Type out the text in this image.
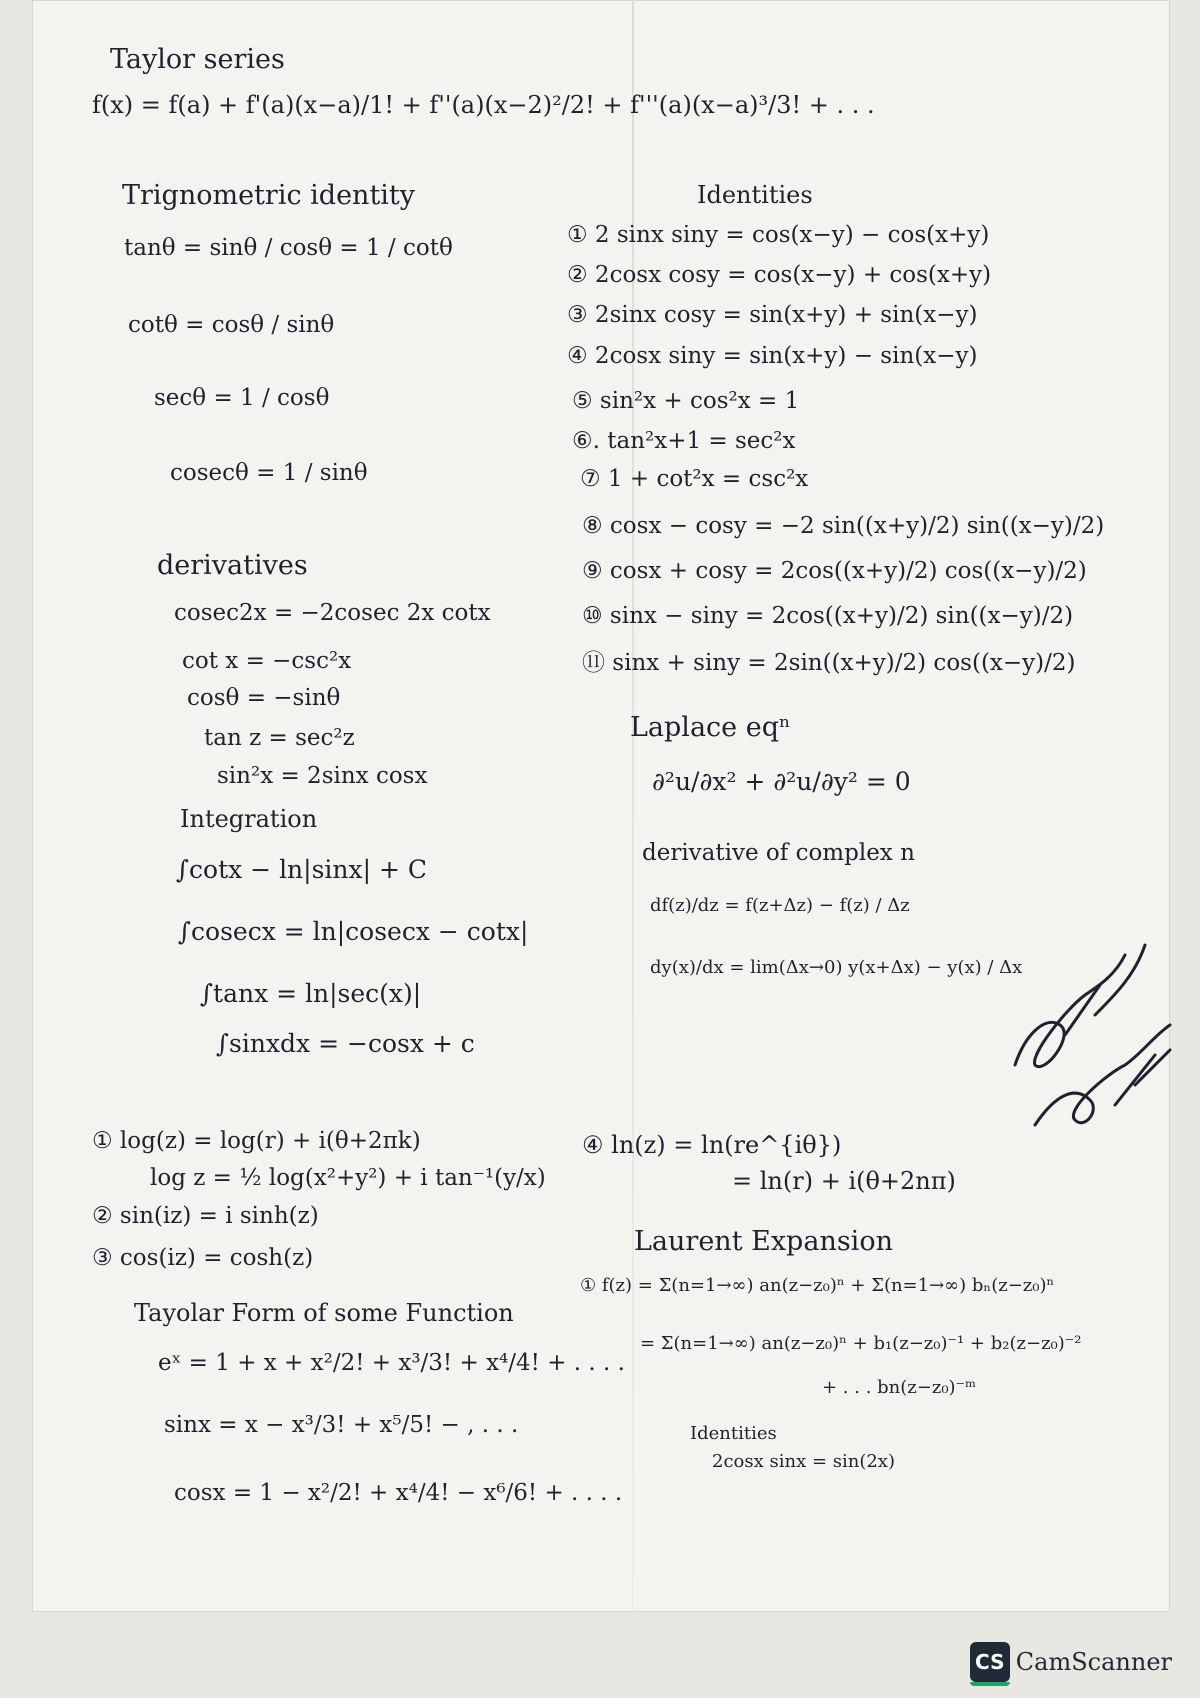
Taylor series
f(x) = f(a) + f'(a)(x−a)/1! + f''(a)(x−2)²/2! + f'''(a)(x−a)³/3! + . . .
Trignometric identity
tanθ = sinθ / cosθ = 1 / cotθ
cotθ = cosθ / sinθ
secθ = 1 / cosθ
cosecθ = 1 / sinθ
Identities
① 2 sinx siny = cos(x−y) − cos(x+y)
② 2cosx cosy = cos(x−y) + cos(x+y)
③ 2sinx cosy = sin(x+y) + sin(x−y)
④ 2cosx siny = sin(x+y) − sin(x−y)
⑤ sin²x + cos²x = 1
⑥. tan²x+1 = sec²x
⑦ 1 + cot²x = csc²x
⑧ cosx − cosy = −2 sin((x+y)/2) sin((x−y)/2)
⑨ cosx + cosy = 2cos((x+y)/2) cos((x−y)/2)
⑩ sinx − siny = 2cos((x+y)/2) sin((x−y)/2)
⑪ sinx + siny = 2sin((x+y)/2) cos((x−y)/2)
derivatives
cosec2x = −2cosec 2x cotx
cot x = −csc²x
cosθ = −sinθ
tan z = sec²z
sin²x = 2sinx cosx
Laplace eqⁿ
∂²u/∂x² + ∂²u/∂y² = 0
Integration
∫cotx − ln|sinx| + C
∫cosecx = ln|cosecx − cotx|
∫tanx = ln|sec(x)|
∫sinxdx = −cosx + c
derivative of complex n
df(z)/dz = f(z+Δz) − f(z) / Δz
dy(x)/dx = lim(Δx→0) y(x+Δx) − y(x) / Δx
① log(z) = log(r) + i(θ+2πk)
log z = ½ log(x²+y²) + i tan⁻¹(y/x)
② sin(iz) = i sinh(z)
③ cos(iz) = cosh(z)
④ ln(z) = ln(re^{iθ})
= ln(r) + i(θ+2nπ)
Tayolar Form of some Function
eˣ = 1 + x + x²/2! + x³/3! + x⁴/4! + . . . .
sinx = x − x³/3! + x⁵/5! − , . . .
cosx = 1 − x²/2! + x⁴/4! − x⁶/6! + . . . .
Laurent Expansion
① f(z) = Σ(n=1→∞) an(z−z₀)ⁿ + Σ(n=1→∞) bₙ(z−z₀)ⁿ
= Σ(n=1→∞) an(z−z₀)ⁿ + b₁(z−z₀)⁻¹ + b₂(z−z₀)⁻²
+ . . . bn(z−z₀)⁻ᵐ
Identities
2cosx sinx = sin(2x)
CS CamScanner
